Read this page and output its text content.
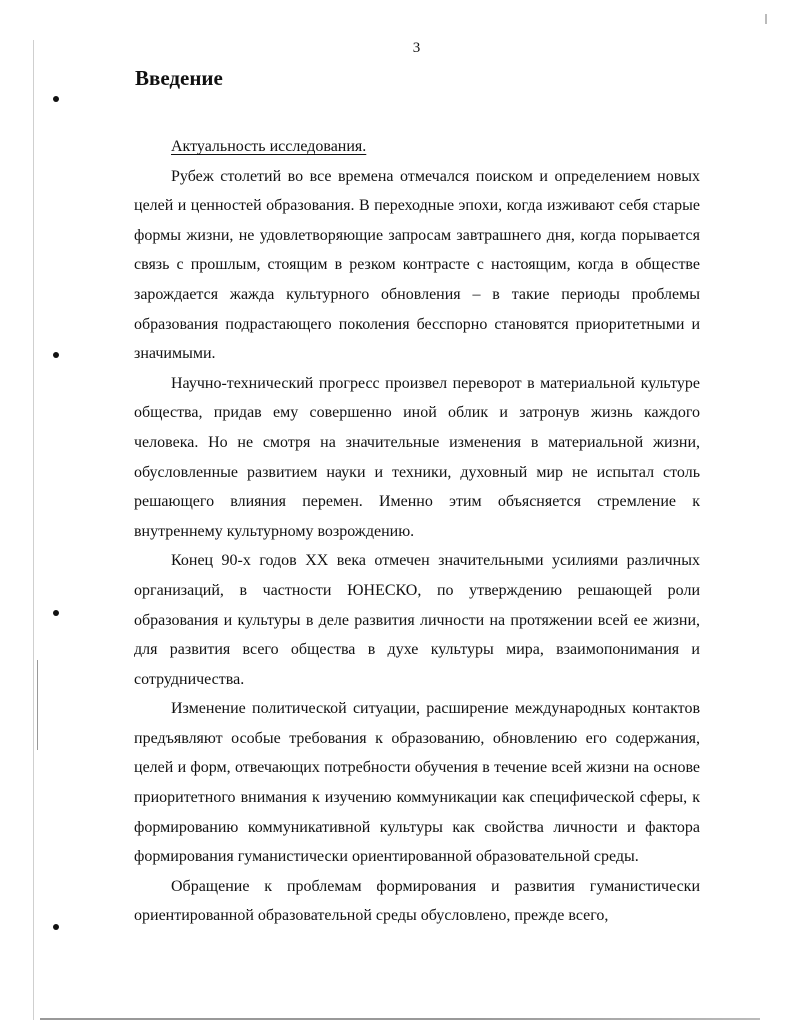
3
Введение
Актуальность исследования.

Рубеж столетий во все времена отмечался поиском и определением новых целей и ценностей образования. В переходные эпохи, когда изживают себя старые формы жизни, не удовлетворяющие запросам завтрашнего дня, когда порывается связь с прошлым, стоящим в резком контрасте с настоящим, когда в обществе зарождается жажда культурного обновления – в такие периоды проблемы образования подрастающего поколения бесспорно становятся приоритетными и значимыми.

Научно-технический прогресс произвел переворот в материальной культуре общества, придав ему совершенно иной облик и затронув жизнь каждого человека. Но не смотря на значительные изменения в материальной жизни, обусловленные развитием науки и техники, духовный мир не испытал столь решающего влияния перемен. Именно этим объясняется стремление к внутреннему культурному возрождению.

Конец 90-х годов XX века отмечен значительными усилиями различных организаций, в частности ЮНЕСКО, по утверждению решающей роли образования и культуры в деле развития личности на протяжении всей ее жизни, для развития всего общества в духе культуры мира, взаимопонимания и сотрудничества.

Изменение политической ситуации, расширение международных контактов предъявляют особые требования к образованию, обновлению его содержания, целей и форм, отвечающих потребности обучения в течение всей жизни на основе приоритетного внимания к изучению коммуникации как специфической сферы, к формированию коммуникативной культуры как свойства личности и фактора формирования гуманистически ориентированной образовательной среды.

Обращение к проблемам формирования и развития гуманистически ориентированной образовательной среды обусловлено, прежде всего,
